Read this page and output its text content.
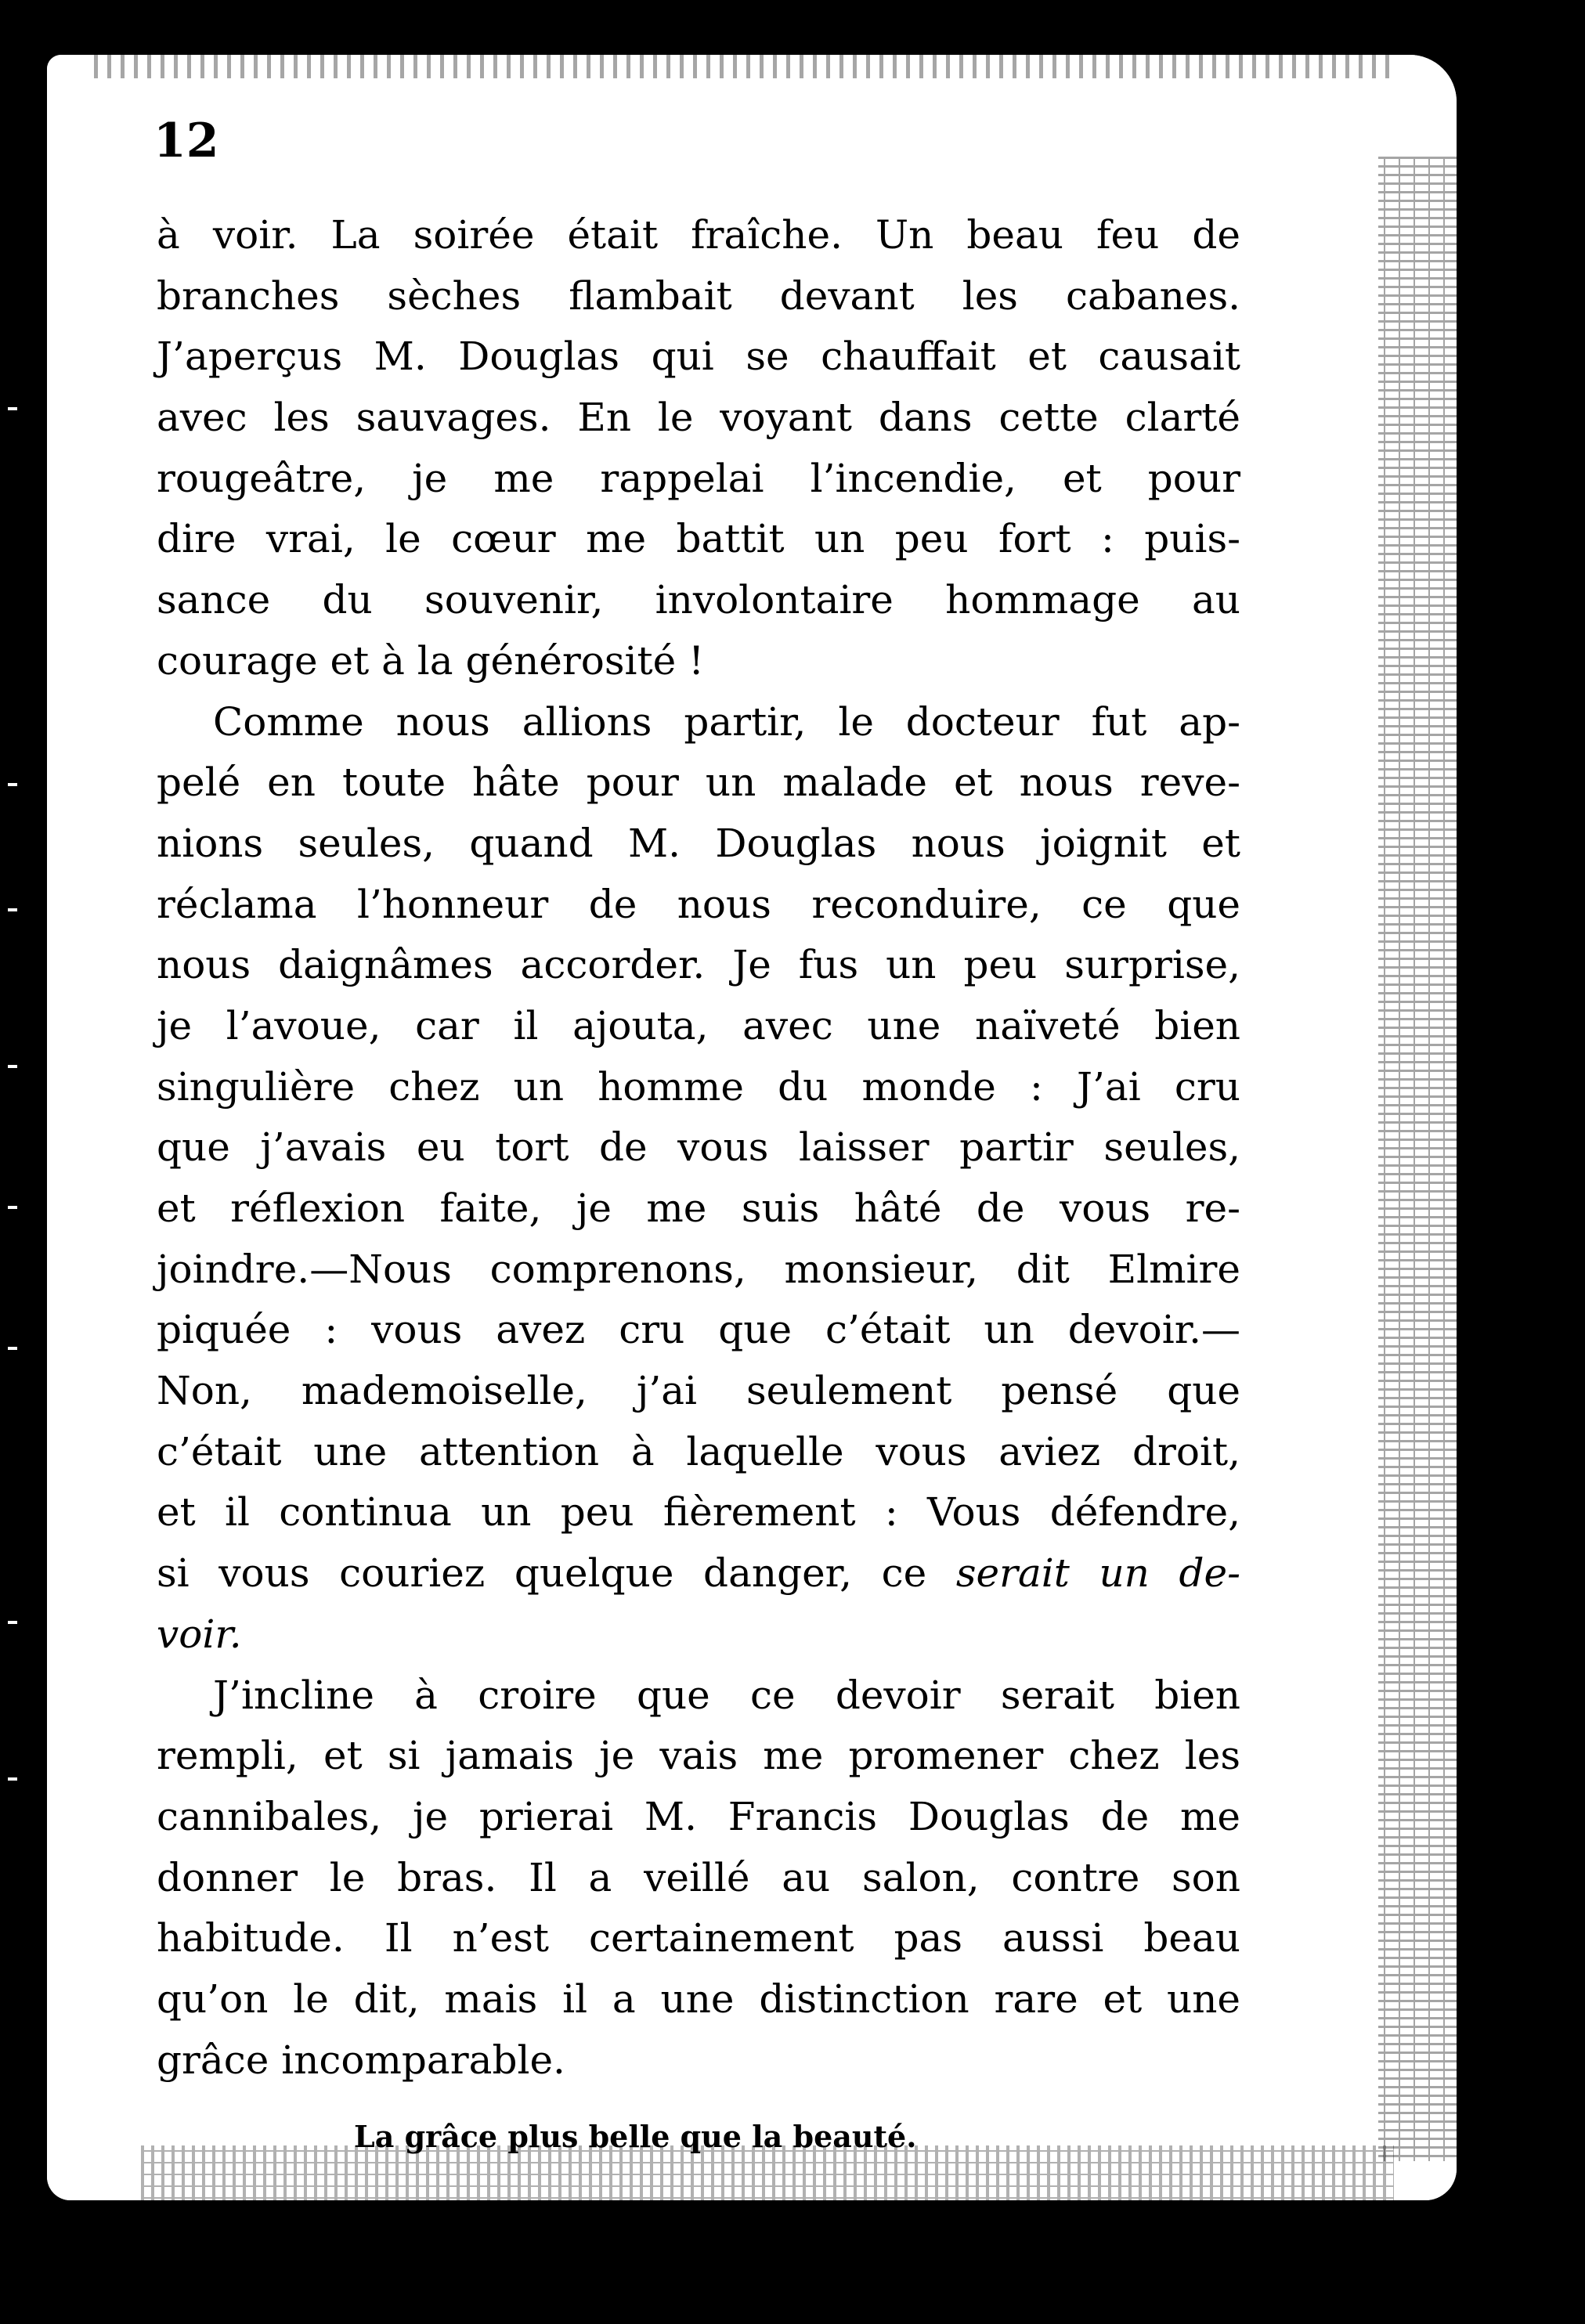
12
à voir. La soirée était fraîche. Un beau feu de
branches sèches flambait devant les cabanes.
J’aperçus M. Douglas qui se chauffait et causait
avec les sauvages. En le voyant dans cette clarté
rougeâtre, je me rappelai l’incendie, et pour
dire vrai, le cœur me battit un peu fort : puis-
sance du souvenir, involontaire hommage au
courage et à la générosité !
Comme nous allions partir, le docteur fut ap-
pelé en toute hâte pour un malade et nous reve-
nions seules, quand M. Douglas nous joignit et
réclama l’honneur de nous reconduire, ce que
nous daignâmes accorder. Je fus un peu surprise,
je l’avoue, car il ajouta, avec une naïveté bien
singulière chez un homme du monde : J’ai cru
que j’avais eu tort de vous laisser partir seules,
et réflexion faite, je me suis hâté de vous re-
joindre.—Nous comprenons, monsieur, dit Elmire
piquée : vous avez cru que c’était un devoir.—
Non, mademoiselle, j’ai seulement pensé que
c’était une attention à laquelle vous aviez droit,
et il continua un peu fièrement : Vous défendre,
si vous couriez quelque danger, ce serait un de-
voir.
J’incline à croire que ce devoir serait bien
rempli, et si jamais je vais me promener chez les
cannibales, je prierai M. Francis Douglas de me
donner le bras. Il a veillé au salon, contre son
habitude. Il n’est certainement pas aussi beau
qu’on le dit, mais il a une distinction rare et une
grâce incomparable.
La grâce plus belle que la beauté.
